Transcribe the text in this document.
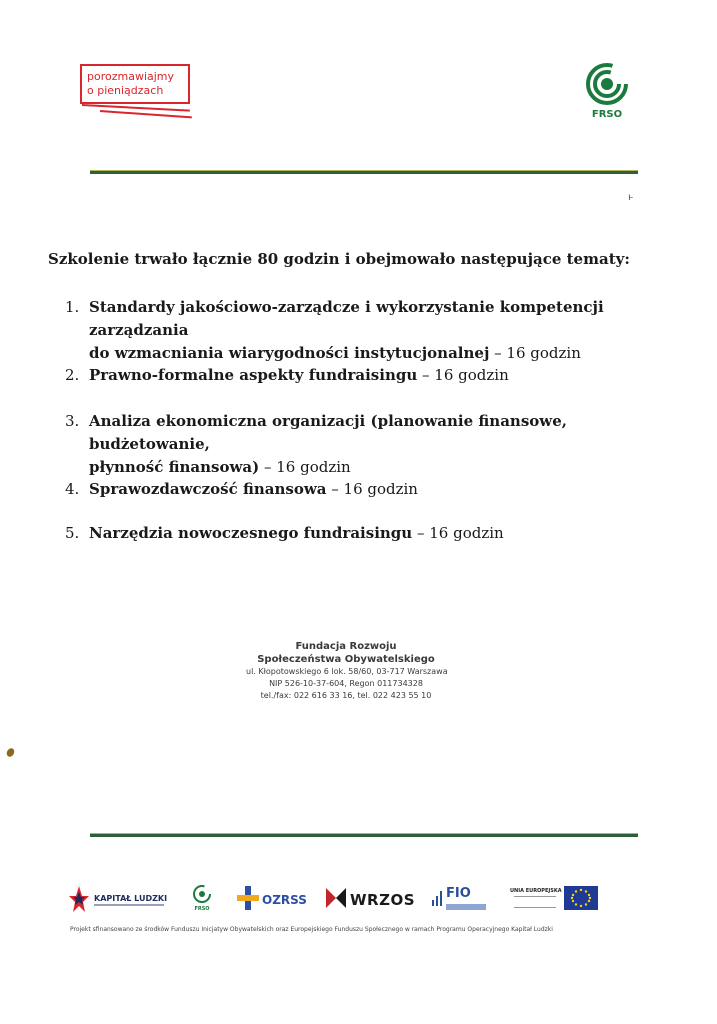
porozmawiajmy
o pieniądzach
FRSO
ⱶ
Szkolenie trwało łącznie 80 godzin i obejmowało następujące tematy:
1. Standardy jakościowo-zarządcze i wykorzystanie kompetencji zarządzania
do wzmacniania wiarygodności instytucjonalnej – 16 godzin
2. Prawno-formalne aspekty fundraisingu – 16 godzin
3. Analiza ekonomiczna organizacji (planowanie finansowe, budżetowanie,
płynność finansowa) – 16 godzin
4. Sprawozdawczość finansowa – 16 godzin
5. Narzędzia nowoczesnego fundraisingu – 16 godzin
Fundacja Rozwoju
Społeczeństwa Obywatelskiego
ul. Kłopotowskiego 6 lok. 58/60, 03-717 Warszawa
NIP 526-10-37-604, Regon 011734328
tel./fax: 022 616 33 16, tel. 022 423 55 10
KAPITAŁ LUDZKI
FRSO
OZRSS	WRZOS FIO	UNIA EUROPEJSKA
Projekt sfinansowano ze środków Funduszu Inicjatyw Obywatelskich oraz Europejskiego Funduszu Społecznego w ramach Programu Operacyjnego Kapitał Ludzki
